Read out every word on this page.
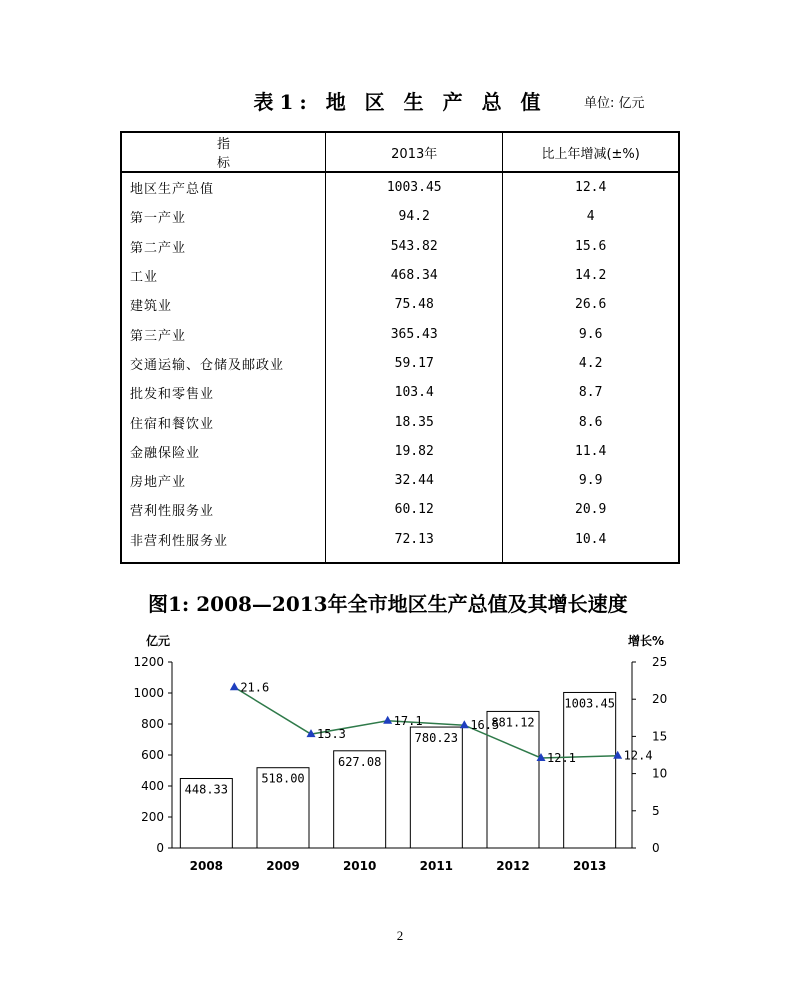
表1: 地 区 生 产 总 值	单位: 亿元
指 标	2013年	比上年增减(±%)
地区生产总值	1003.45	12.4
第一产业	94.2	4
第二产业	543.82	15.6
工业	468.34	14.2
建筑业	75.48	26.6
第三产业	365.43	9.6
交通运输、仓储及邮政业	59.17	4.2
批发和零售业	103.4	8.7
住宿和餐饮业	18.35	8.6
金融保险业	19.82	11.4
房地产业	32.44	9.9
营利性服务业	60.12	20.9
非营利性服务业	72.13	10.4
图1: 2008—2013年全市地区生产总值及其增长速度
0
200
400
600
800
1000
1200
0
5
10
15
20
25
亿元	增长%
448.33
518.00
627.08
780.23
881.12
1003.45
2008	2009	2010	2011	2012	2013
21.6
15.3
17.1	16.5
12.1	12.4
2
